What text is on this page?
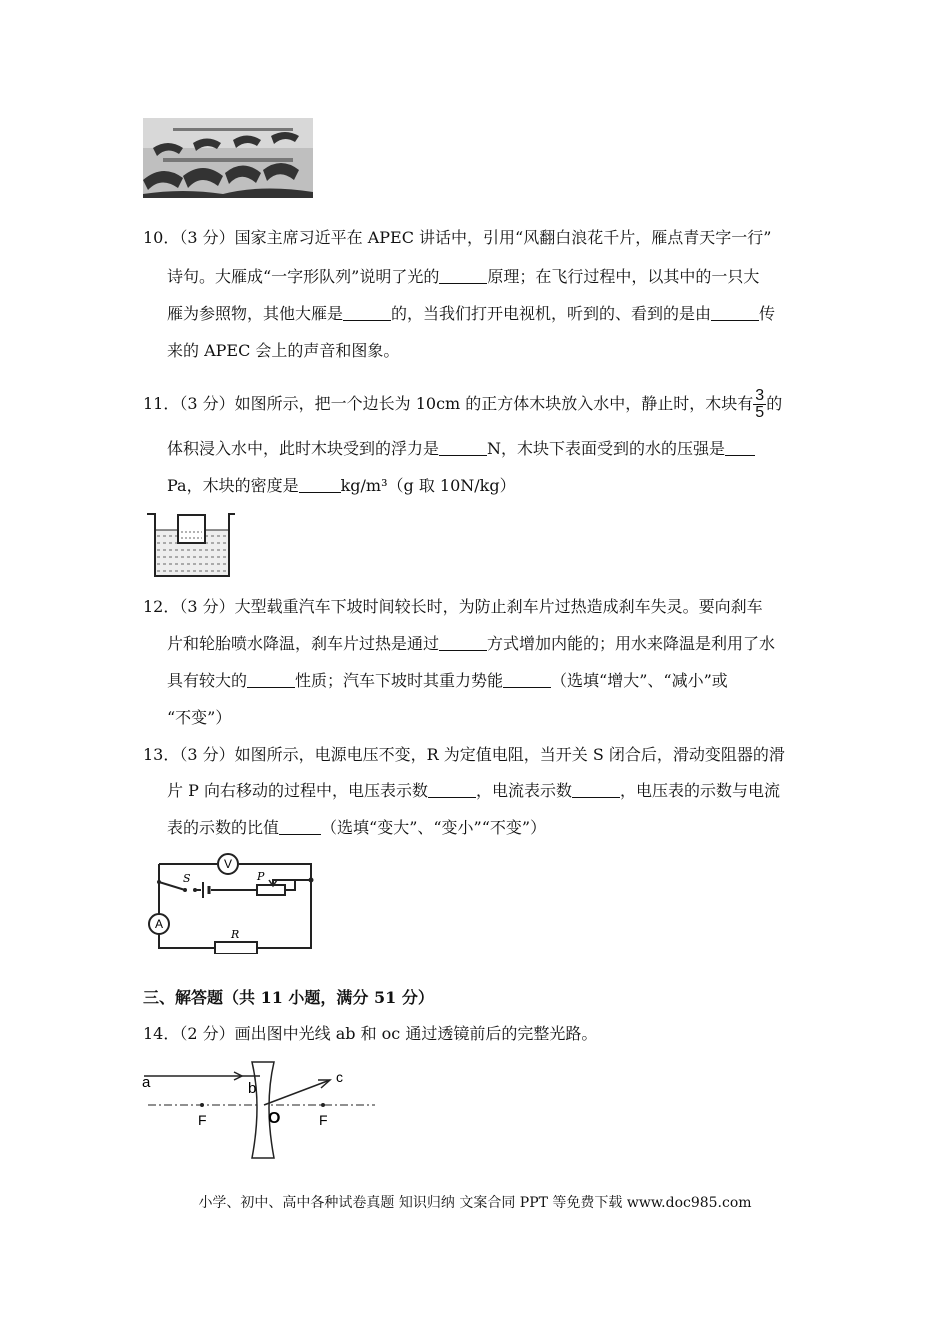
10．（3 分）国家主席习近平在 APEC 讲话中，引用“风翻白浪花千片，雁点青天字一行”
诗句。大雁成“一字形队列”说明了光的	原理；在飞行过程中，以其中的一只大
雁为参照物，其他大雁是	的，当我们打开电视机，听到的、看到的是由	传
来的 APEC 会上的声音和图象。
11．（3 分）如图所示，把一个边长为 10cm 的正方体木块放入水中，静止时，木块有 $\frac{3}{5}$ 的
体积浸入水中，此时木块受到的浮力是	N，木块下表面受到的水的压强是
Pa，木块的密度是	kg/m³（g 取 10N/kg）
12．（3 分）大型载重汽车下坡时间较长时，为防止刹车片过热造成刹车失灵。要向刹车
片和轮胎喷水降温，刹车片过热是通过	方式增加内能的；用水来降温是利用了水
具有较大的	性质；汽车下坡时其重力势能	（选填“增大”、“减小”或
“不变”）
13．（3 分）如图所示，电源电压不变，R 为定值电阻，当开关 S 闭合后，滑动变阻器的滑
片 P 向右移动的过程中，电压表示数	，电流表示数	，电压表的示数与电流
表的示数的比值	（选填“变大”、“变小”“不变”）
V
A
S	P
R
三、解答题（共 11 小题，满分 51 分）
14．（2 分）画出图中光线 ab 和 oc 通过透镜前后的完整光路。
a	b
c
O
F	F
小学、初中、高中各种试卷真题 知识归纳 文案合同 PPT 等免费下载 www.doc985.com
